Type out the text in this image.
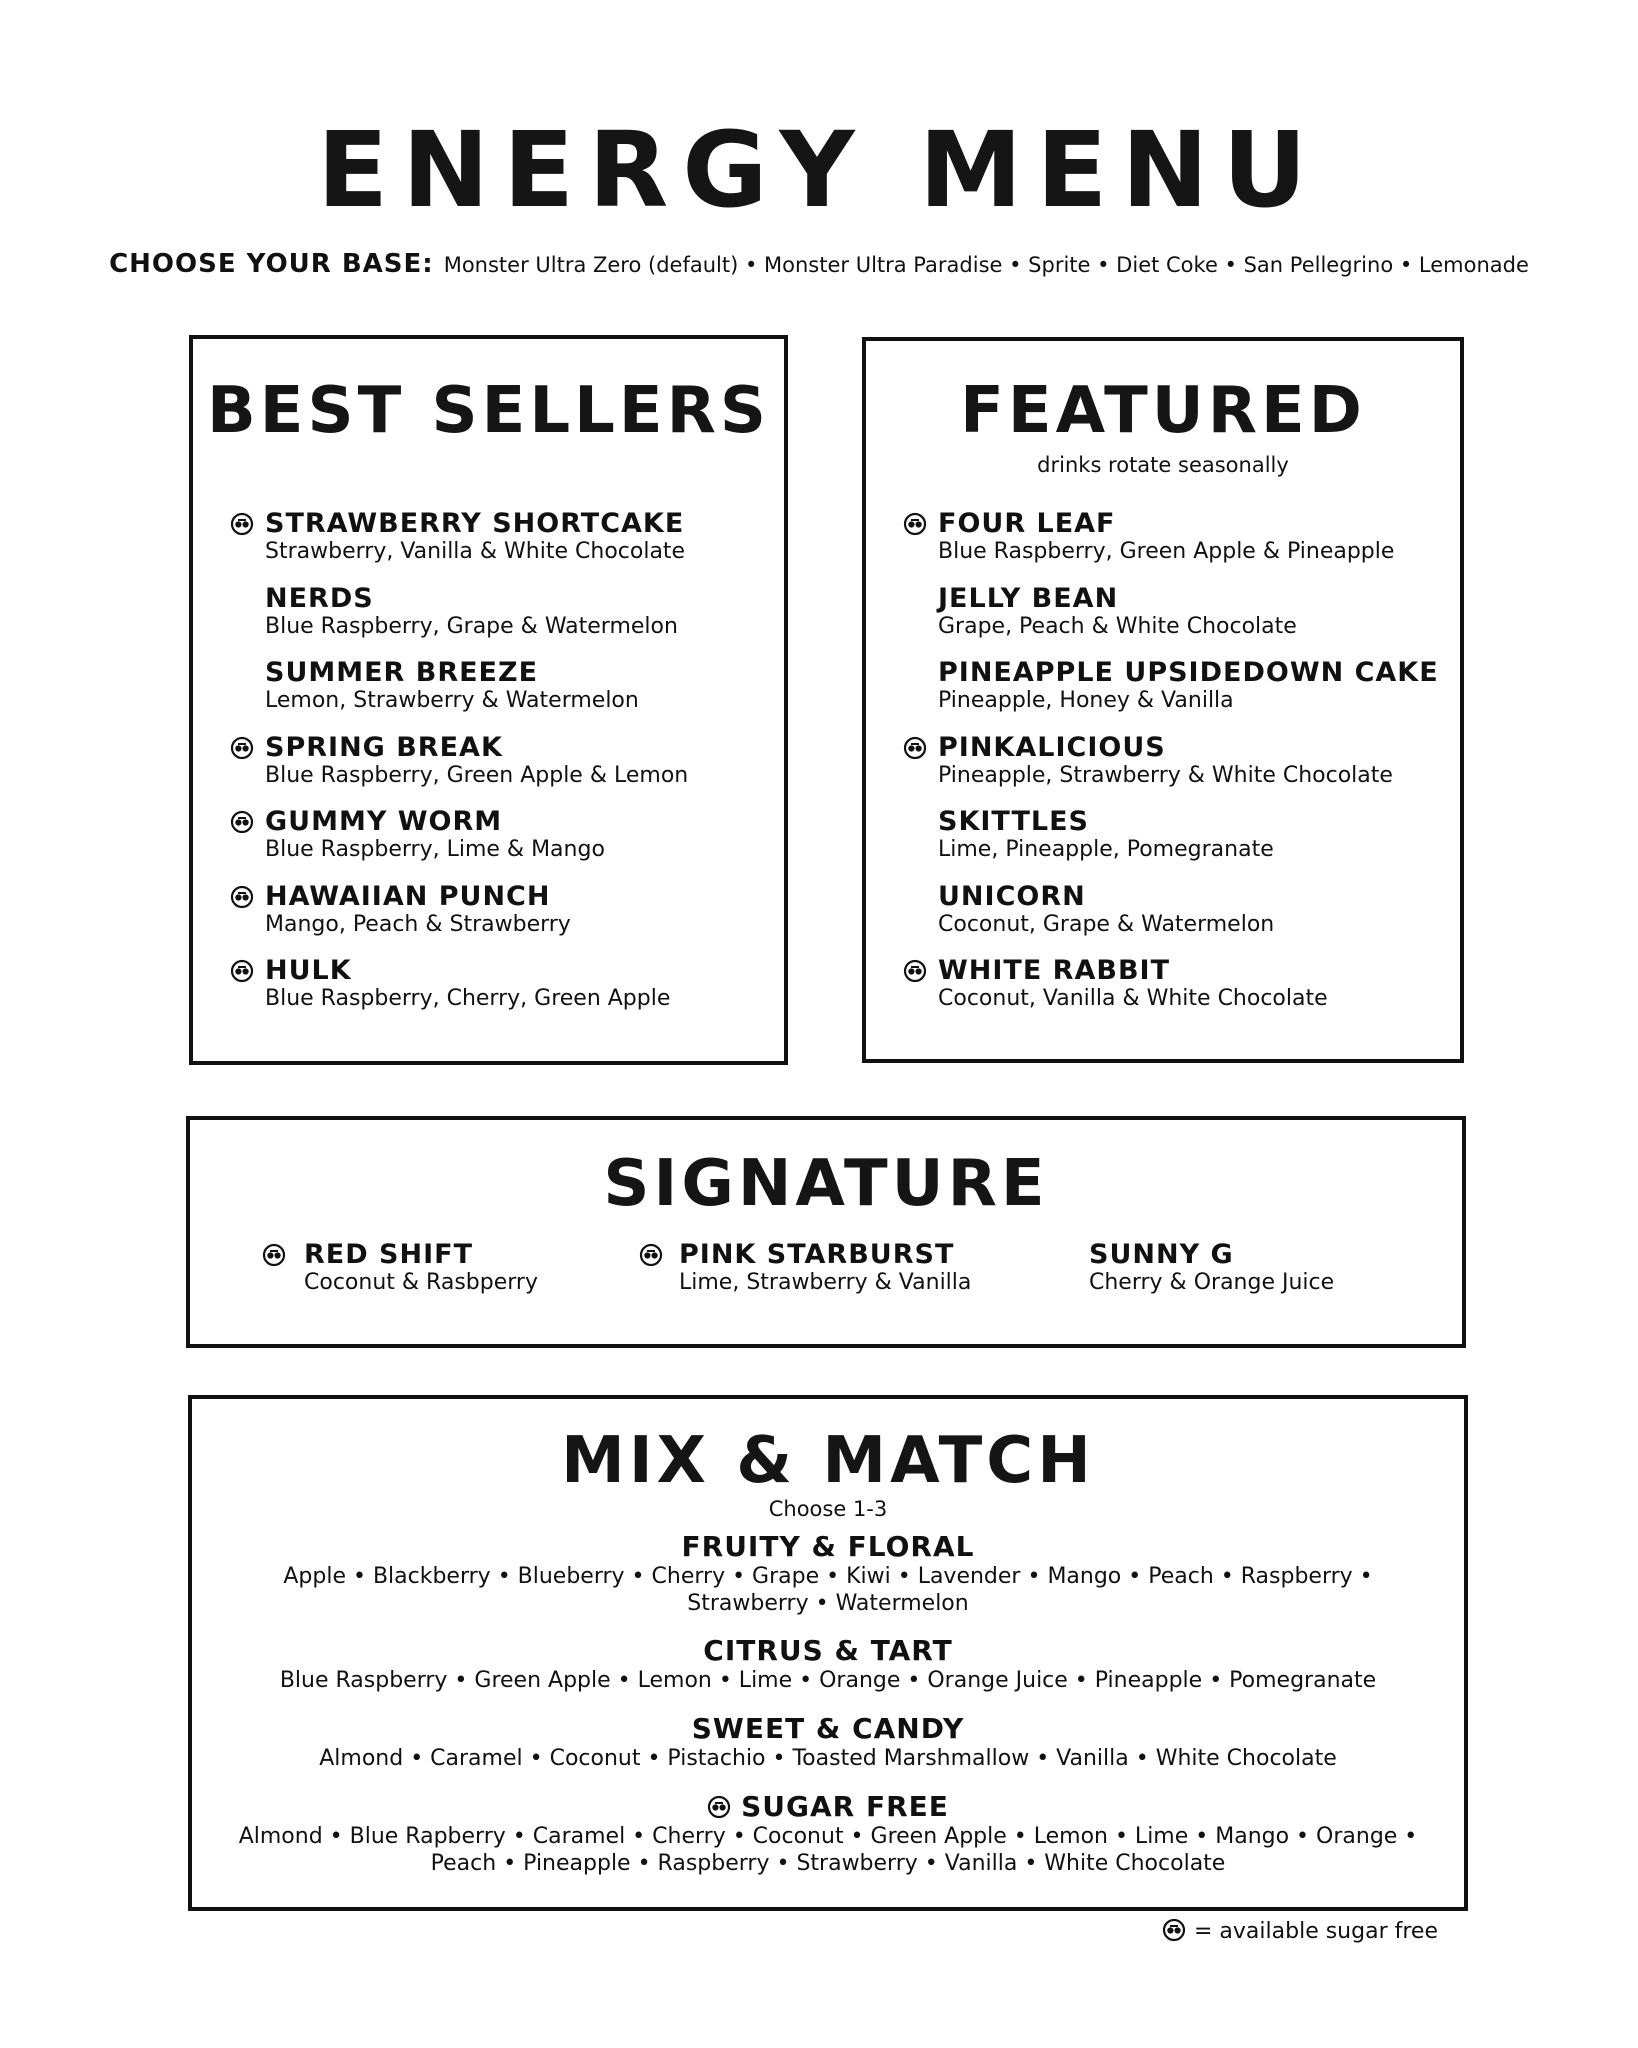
ENERGY MENU
CHOOSE YOUR BASE: Monster Ultra Zero (default) • Monster Ultra Paradise • Sprite • Diet Coke • San Pellegrino • Lemonade
BEST SELLERS
STRAWBERRY SHORTCAKE
Strawberry, Vanilla & White Chocolate
NERDS
Blue Raspberry, Grape & Watermelon
SUMMER BREEZE
Lemon, Strawberry & Watermelon
SPRING BREAK
Blue Raspberry, Green Apple & Lemon
GUMMY WORM
Blue Raspberry, Lime & Mango
HAWAIIAN PUNCH
Mango, Peach & Strawberry
HULK
Blue Raspberry, Cherry, Green Apple
FEATURED
drinks rotate seasonally
FOUR LEAF
Blue Raspberry, Green Apple & Pineapple
JELLY BEAN
Grape, Peach & White Chocolate
PINEAPPLE UPSIDEDOWN CAKE
Pineapple, Honey & Vanilla
PINKALICIOUS
Pineapple, Strawberry & White Chocolate
SKITTLES
Lime, Pineapple, Pomegranate
UNICORN
Coconut, Grape & Watermelon
WHITE RABBIT
Coconut, Vanilla & White Chocolate
SIGNATURE
RED SHIFT
Coconut & Rasbperry
PINK STARBURST
Lime, Strawberry & Vanilla
SUNNY G
Cherry & Orange Juice
MIX & MATCH
Choose 1-3
FRUITY & FLORAL
Apple • Blackberry • Blueberry • Cherry • Grape • Kiwi • Lavender • Mango • Peach • Raspberry •
Strawberry • Watermelon
CITRUS & TART
Blue Raspberry • Green Apple • Lemon • Lime • Orange • Orange Juice • Pineapple • Pomegranate
SWEET & CANDY
Almond • Caramel • Coconut • Pistachio • Toasted Marshmallow • Vanilla • White Chocolate
SUGAR FREE
Almond • Blue Rapberry • Caramel • Cherry • Coconut • Green Apple • Lemon • Lime • Mango • Orange •
Peach • Pineapple • Raspberry • Strawberry • Vanilla • White Chocolate
= available sugar free
